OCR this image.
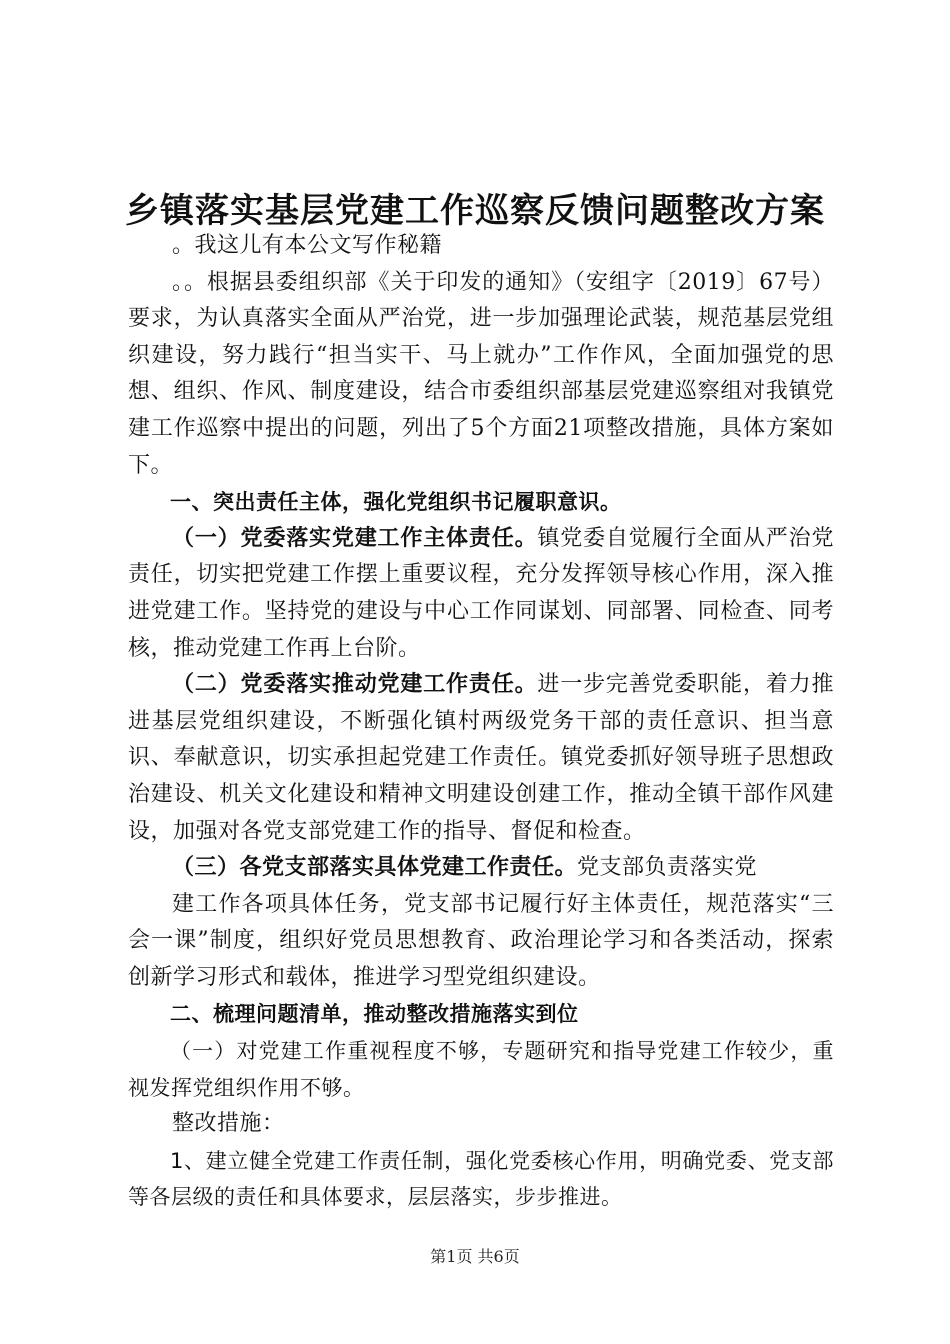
乡镇落实基层党建工作巡察反馈问题整改方案

。我这儿有本公文写作秘籍

。。根据县委组织部《关于印发的通知》（安组字〔2019〕67号）要求，为认真落实全面从严治党，进一步加强理论武装，规范基层党组织建设，努力践行“担当实干、马上就办”工作作风，全面加强党的思想、组织、作风、制度建设，结合市委组织部基层党建巡察组对我镇党建工作巡察中提出的问题，列出了5个方面21项整改措施，具体方案如下。

一、突出责任主体，强化党组织书记履职意识。

（一）党委落实党建工作主体责任。镇党委自觉履行全面从严治党责任，切实把党建工作摆上重要议程，充分发挥领导核心作用，深入推进党建工作。坚持党的建设与中心工作同谋划、同部署、同检查、同考核，推动党建工作再上台阶。

（二）党委落实推动党建工作责任。进一步完善党委职能，着力推进基层党组织建设，不断强化镇村两级党务干部的责任意识、担当意识、奉献意识，切实承担起党建工作责任。镇党委抓好领导班子思想政治建设、机关文化建设和精神文明建设创建工作，推动全镇干部作风建设，加强对各党支部党建工作的指导、督促和检查。

（三）各党支部落实具体党建工作责任。党支部负责落实党

建工作各项具体任务，党支部书记履行好主体责任，规范落实“三会一课”制度，组织好党员思想教育、政治理论学习和各类活动，探索创新学习形式和载体，推进学习型党组织建设。

二、梳理问题清单，推动整改措施落实到位

（一）对党建工作重视程度不够，专题研究和指导党建工作较少，重视发挥党组织作用不够。

整改措施：

1、建立健全党建工作责任制，强化党委核心作用，明确党委、党支部等各层级的责任和具体要求，层层落实，步步推进。

第1页 共6页
